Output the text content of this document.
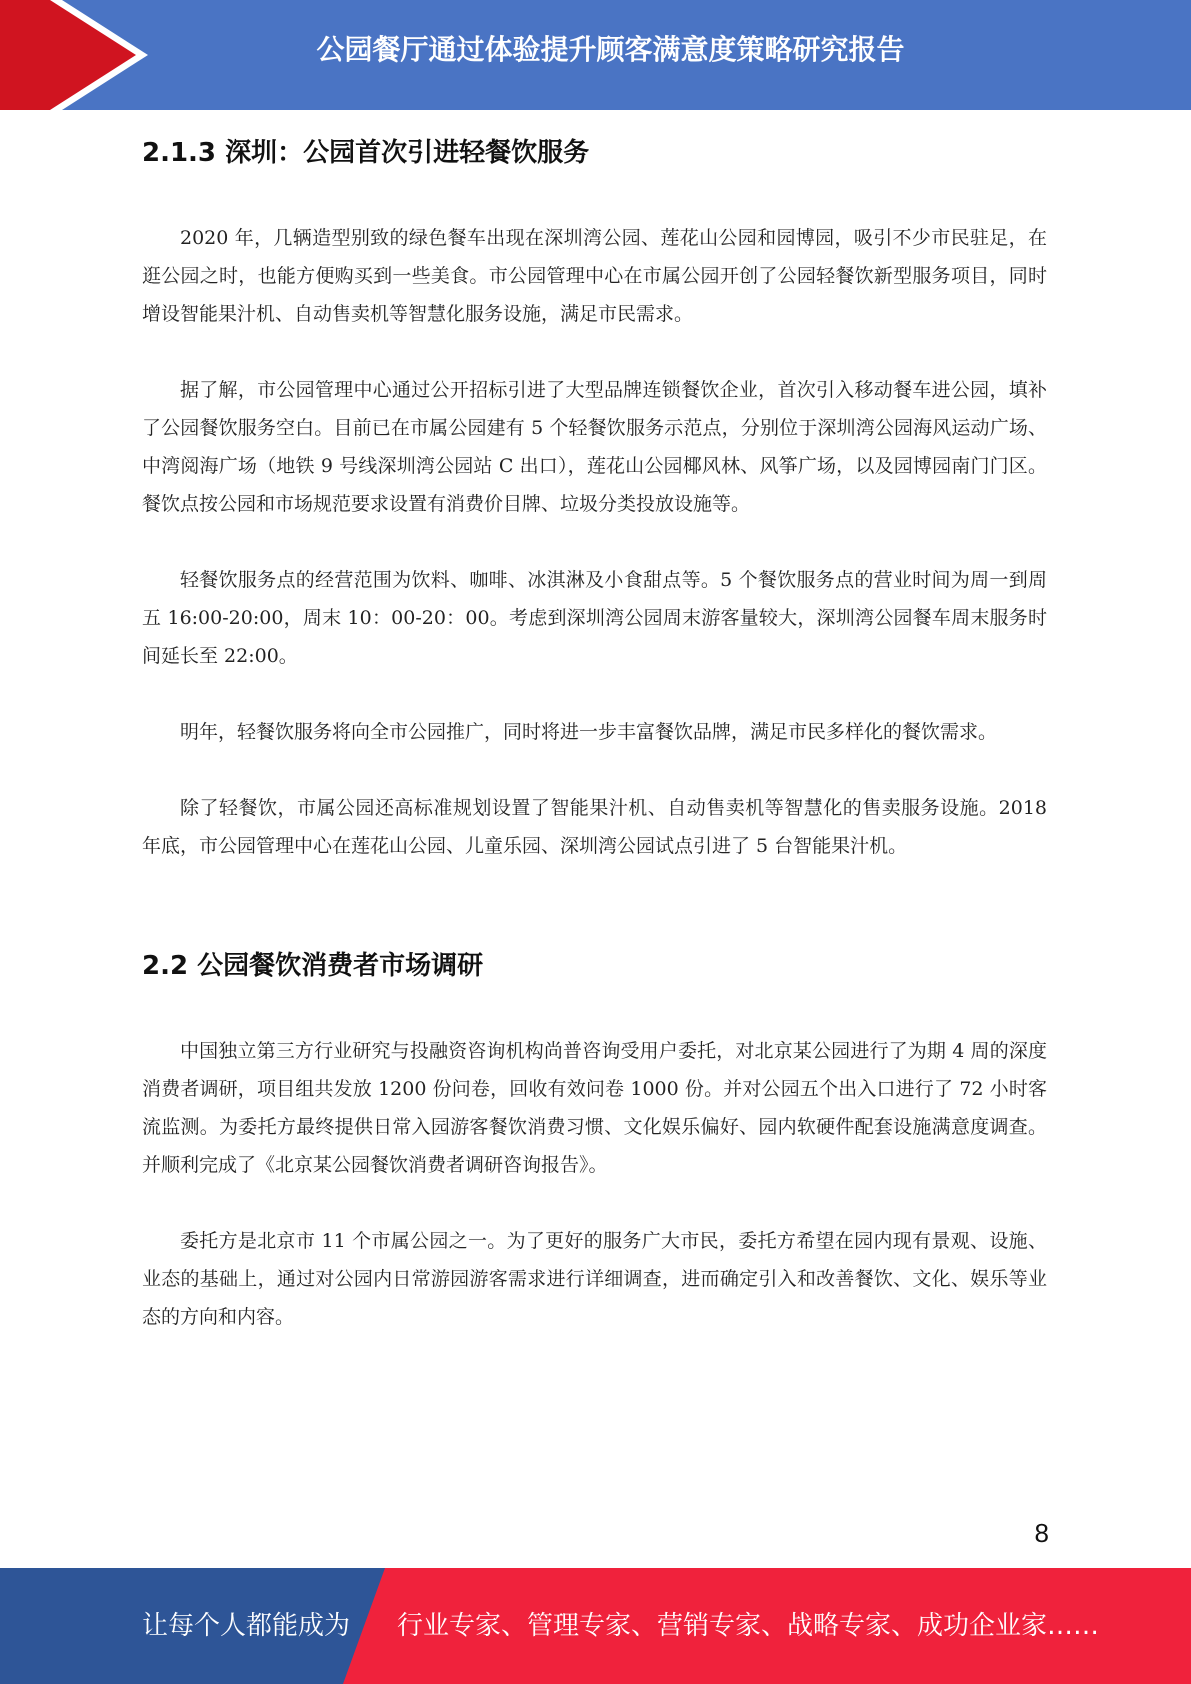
公园餐厅通过体验提升顾客满意度策略研究报告
2.1.3 深圳：公园首次引进轻餐饮服务

2020 年，几辆造型别致的绿色餐车出现在深圳湾公园、莲花山公园和园博园，吸引不少市民驻足，在逛公园之时，也能方便购买到一些美食。市公园管理中心在市属公园开创了公园轻餐饮新型服务项目，同时增设智能果汁机、自动售卖机等智慧化服务设施，满足市民需求。

据了解，市公园管理中心通过公开招标引进了大型品牌连锁餐饮企业，首次引入移动餐车进公园，填补了公园餐饮服务空白。目前已在市属公园建有 5 个轻餐饮服务示范点，分别位于深圳湾公园海风运动广场、中湾阅海广场（地铁 9 号线深圳湾公园站 C 出口），莲花山公园椰风林、风筝广场，以及园博园南门门区。餐饮点按公园和市场规范要求设置有消费价目牌、垃圾分类投放设施等。

轻餐饮服务点的经营范围为饮料、咖啡、冰淇淋及小食甜点等。5 个餐饮服务点的营业时间为周一到周五 16:00-20:00，周末 10：00-20：00。考虑到深圳湾公园周末游客量较大，深圳湾公园餐车周末服务时间延长至 22:00。

明年，轻餐饮服务将向全市公园推广，同时将进一步丰富餐饮品牌，满足市民多样化的餐饮需求。

除了轻餐饮，市属公园还高标准规划设置了智能果汁机、自动售卖机等智慧化的售卖服务设施。2018 年底，市公园管理中心在莲花山公园、儿童乐园、深圳湾公园试点引进了 5 台智能果汁机。

2.2 公园餐饮消费者市场调研

中国独立第三方行业研究与投融资咨询机构尚普咨询受用户委托，对北京某公园进行了为期 4 周的深度消费者调研，项目组共发放 1200 份问卷，回收有效问卷 1000 份。并对公园五个出入口进行了 72 小时客流监测。为委托方最终提供日常入园游客餐饮消费习惯、文化娱乐偏好、园内软硬件配套设施满意度调查。并顺利完成了《北京某公园餐饮消费者调研咨询报告》。

委托方是北京市 11 个市属公园之一。为了更好的服务广大市民，委托方希望在园内现有景观、设施、业态的基础上，通过对公园内日常游园游客需求进行详细调查，进而确定引入和改善餐饮、文化、娱乐等业态的方向和内容。

8
让每个人都能成为 行业专家、管理专家、营销专家、战略专家、成功企业家……
